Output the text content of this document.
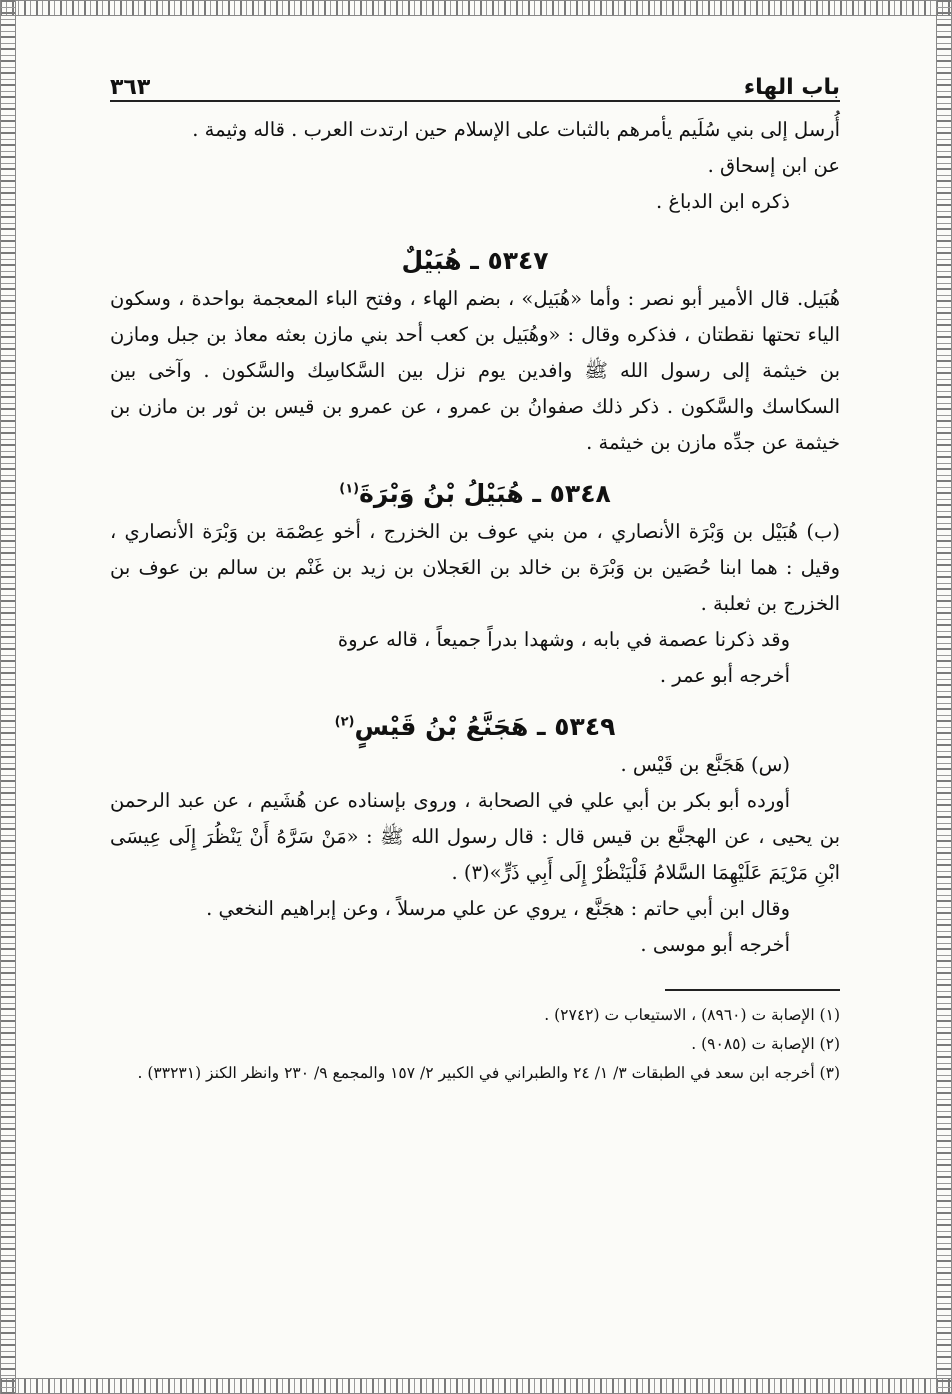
باب الهاء
٣٦٣

أُرسل إلى بني سُلَيم يأمرهم بالثبات على الإسلام حين ارتدت العرب . قاله وثيمة .

عن ابن إسحاق .

ذكره ابن الدباغ .

٥٣٤٧ ـ هُبَيْلٌ

هُبَيل. قال الأمير أبو نصر : وأما «هُبَيل» ، بضم الهاء ، وفتح الباء المعجمة بواحدة ، وسكون الياء تحتها نقطتان ، فذكره وقال : «وهُبَيل بن كعب أحد بني مازن بعثه معاذ بن جبل ومازن بن خيثمة إلى رسول الله ﷺ وافدين يوم نزل بين السَّكاسِك والسَّكون . وآخى بين السكاسك والسَّكون . ذكر ذلك صفوانُ بن عمرو ، عن عمرو بن قيس بن ثور بن مازن بن خيثمة عن جدِّه مازن بن خيثمة .

٥٣٤٨ ـ هُبَيْلُ بْنُ وَبْرَةَ$^{(١)}$

(ب) هُبَيْل بن وَبْرَة الأنصاري ، من بني عوف بن الخزرج ، أخو عِصْمَة بن وَبْرَة الأنصاري ، وقيل : هما ابنا حُصَين بن وَبْرَة بن خالد بن العَجلان بن زيد بن غَنْم بن سالم بن عوف بن الخزرج بن ثعلبة .

وقد ذكرنا عصمة في بابه ، وشهدا بدراً جميعاً ، قاله عروة

أخرجه أبو عمر .

٥٣٤٩ ـ هَجَنَّعُ بْنُ قَيْسٍ$^{(٢)}$

(س) هَجَنَّع بن قَيْس .

أورده أبو بكر بن أبي علي في الصحابة ، وروى بإسناده عن هُشَيم ، عن عبد الرحمن بن يحيى ، عن الهجنَّع بن قيس قال : قال رسول الله ﷺ : «مَنْ سَرَّهُ أَنْ يَنْظُرَ إِلَى عِيسَى ابْنِ مَرْيَمَ عَلَيْهِمَا السَّلامُ فَلْيَنْظُرْ إِلَى أَبِي ذَرٍّ»(٣) .

وقال ابن أبي حاتم : هجَنَّع ، يروي عن علي مرسلاً ، وعن إبراهيم النخعي .

أخرجه أبو موسى .

(١) الإصابة ت (٨٩٦٠) ، الاستيعاب ت (٢٧٤٢) .

(٢) الإصابة ت (٩٠٨٥) .

(٣) أخرجه ابن سعد في الطبقات ٣/ ١/ ٢٤ والطبراني في الكبير ٢/ ١٥٧ والمجمع ٩/ ٢٣٠ وانظر الكنز (٣٣٢٣١) .
